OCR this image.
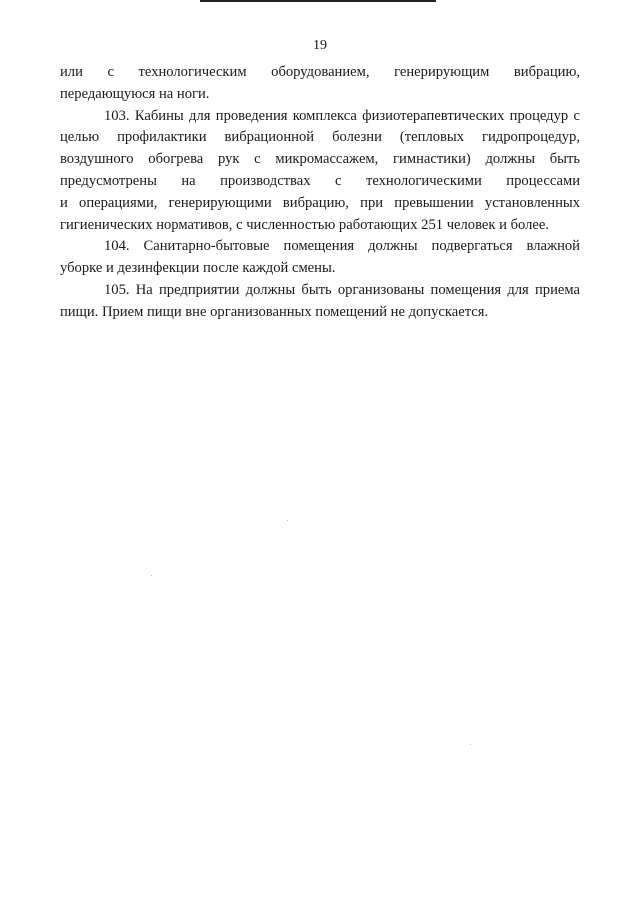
19
или с технологическим оборудованием, генерирующим вибрацию,
передающуюся на ноги.
103. Кабины для проведения комплекса физиотерапевтических процедур с
целью профилактики вибрационной болезни (тепловых гидропроцедур,
воздушного обогрева рук с микромассажем, гимнастики) должны быть
предусмотрены на производствах с технологическими процессами
и операциями, генерирующими вибрацию, при превышении установленных
гигиенических нормативов, с численностью работающих 251 человек и более.
104. Санитарно-бытовые помещения должны подвергаться влажной
уборке и дезинфекции после каждой смены.
105. На предприятии должны быть организованы помещения для приема
пищи. Прием пищи вне организованных помещений не допускается.
